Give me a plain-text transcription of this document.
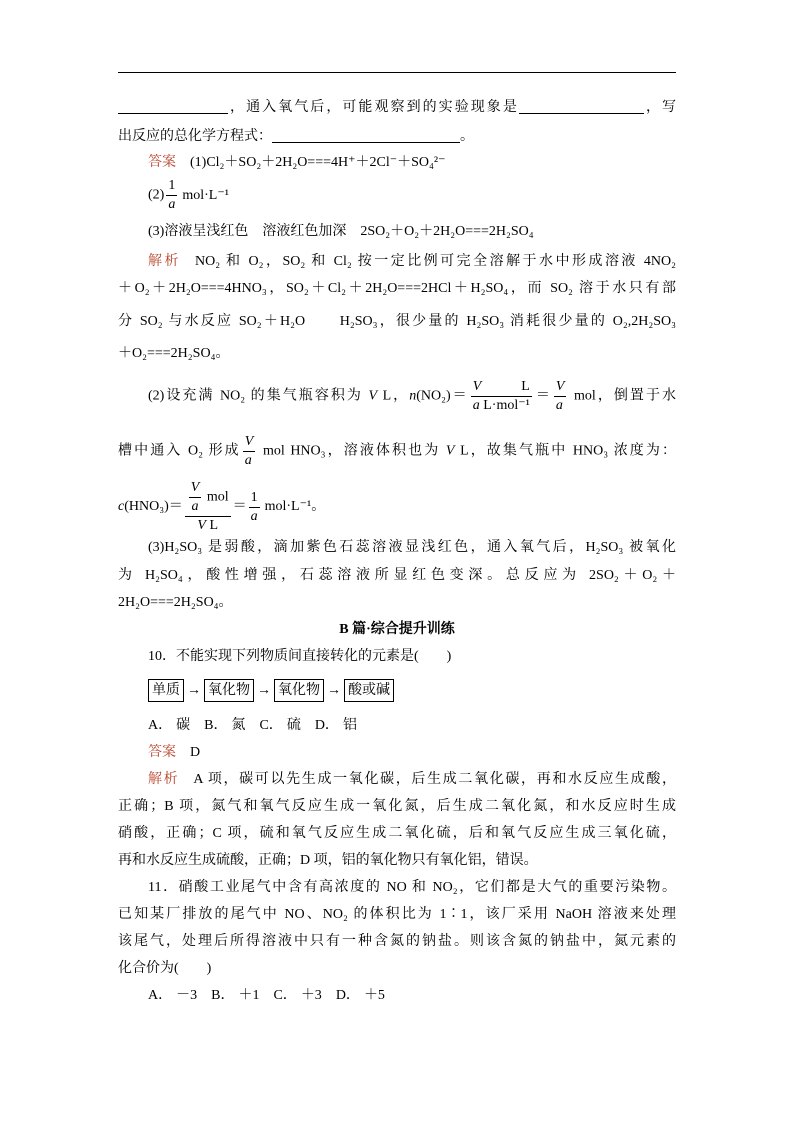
，通入氧气后，可能观察到的实验现象是	，写
出反应的总化学方程式：	。
答案 (1)Cl₂＋SO₂＋2H₂O===4H⁺＋2Cl⁻＋SO₄²⁻
$(2) \frac{1}{a} mol\cdot L^{-1}$
(3)溶液呈浅红色　溶液红色加深　2SO₂＋O₂＋2H₂O===2H₂SO₄
解析 NO₂ 和 O₂，SO₂ 和 Cl₂ 按一定比例可完全溶解于水中形成溶液 4NO₂
＋O₂＋2H₂O===4HNO₃，SO₂＋Cl₂＋2H₂O===2HCl＋H₂SO₄，而 SO₂ 溶于水只有部
分 SO₂ 与水反应 SO₂＋H₂O　　H₂SO₃，很少量的 H₂SO₃ 消耗很少量的 O₂,2H₂SO₃
＋O₂===2H₂SO₄。
(2)设充满 NO₂ 的集气瓶容积为 V L，$n(NO_2)= \frac{\text{V L}}{\text{a L·mol⁻¹}} = \frac{V}{a}$ mol，倒置于水
槽中通入 O₂ 形成 $\frac{V}{a}$ mol HNO₃，溶液体积也为 V L，故集气瓶中 HNO₃ 浓度为：
$c(HNO_3)= \frac{\frac{V}{a} mol}{\text{V L}} = \frac{1}{a} mol\cdot L^{-1}$。
(3)H₂SO₃ 是弱酸，滴加紫色石蕊溶液显浅红色，通入氧气后，H₂SO₃ 被氧化
为 H₂SO₄，酸性增强，石蕊溶液所显红色变深。总反应为 2SO₂＋O₂＋
2H₂O===2H₂SO₄。
B 篇·综合提升训练
10．不能实现下列物质间直接转化的元素是(　　)
单质 → 氧化物 → 氧化物 → 酸或碱
A． 碳 B． 氮 C． 硫 D． 铝
答案 D
解析 A 项，碳可以先生成一氧化碳，后生成二氧化碳，再和水反应生成酸，
正确；B 项，氮气和氧气反应生成一氧化氮，后生成二氧化氮，和水反应时生成
硝酸，正确；C 项，硫和氧气反应生成二氧化硫，后和氧气反应生成三氧化硫，
再和水反应生成硫酸，正确；D 项，铝的氧化物只有氧化铝，错误。
11．硝酸工业尾气中含有高浓度的 NO 和 NO₂，它们都是大气的重要污染物。
已知某厂排放的尾气中 NO、NO₂ 的体积比为 1∶1，该厂采用 NaOH 溶液来处理
该尾气，处理后所得溶液中只有一种含氮的钠盐。则该含氮的钠盐中，氮元素的
化合价为(　　)
A． －3 B． ＋1 C． ＋3 D． ＋5
